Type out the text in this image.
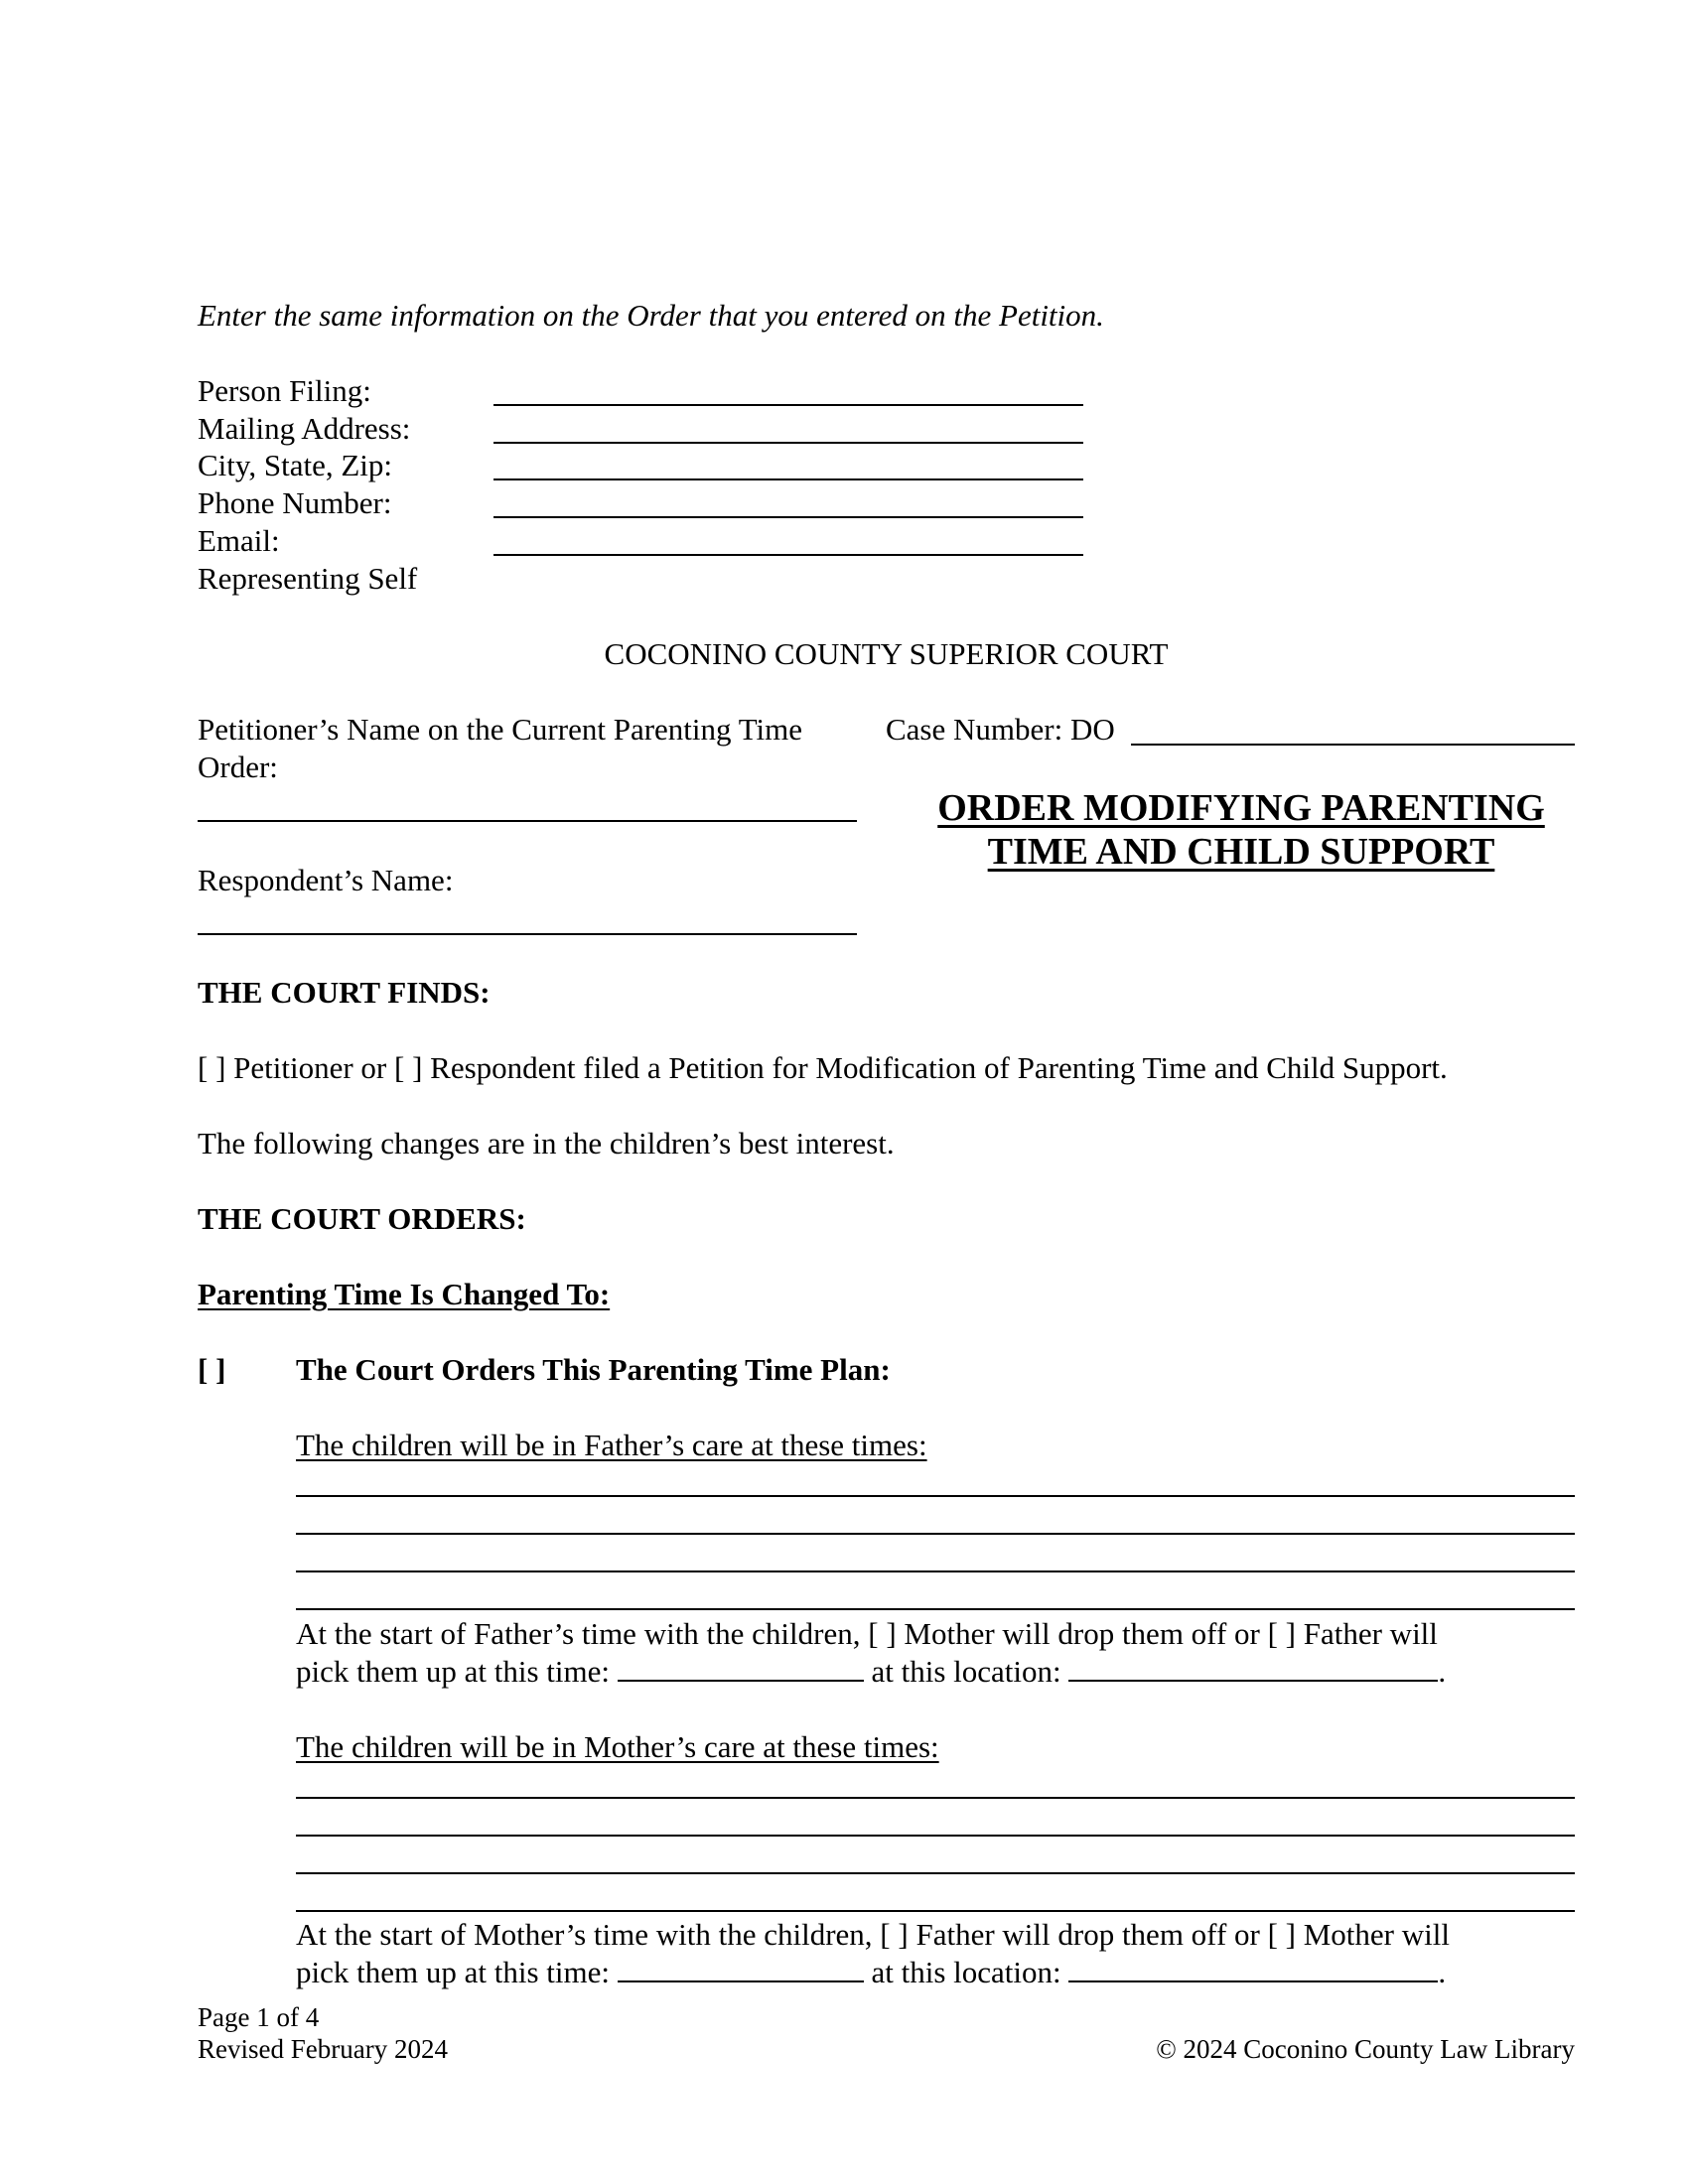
Enter the same information on the Order that you entered on the Petition.
Person Filing:
Mailing Address:
City, State, Zip:
Phone Number:
Email:
Representing Self
COCONINO COUNTY SUPERIOR COURT
Petitioner’s Name on the Current Parenting Time
Order:
Respondent’s Name:
Case Number: DO
ORDER MODIFYING PARENTING
TIME AND CHILD SUPPORT
THE COURT FINDS:
[ ] Petitioner or [ ] Respondent filed a Petition for Modification of Parenting Time and Child Support.
The following changes are in the children’s best interest.
THE COURT ORDERS:
Parenting Time Is Changed To:
[ ] The Court Orders This Parenting Time Plan:
The children will be in Father’s care at these times:
At the start of Father’s time with the children, [ ] Mother will drop them off or [ ] Father will
pick them up at this time:	at this location:	.
The children will be in Mother’s care at these times:
At the start of Mother’s time with the children, [ ] Father will drop them off or [ ] Mother will
pick them up at this time:	at this location:	.
Page 1 of 4
Revised February 2024	© 2024 Coconino County Law Library
